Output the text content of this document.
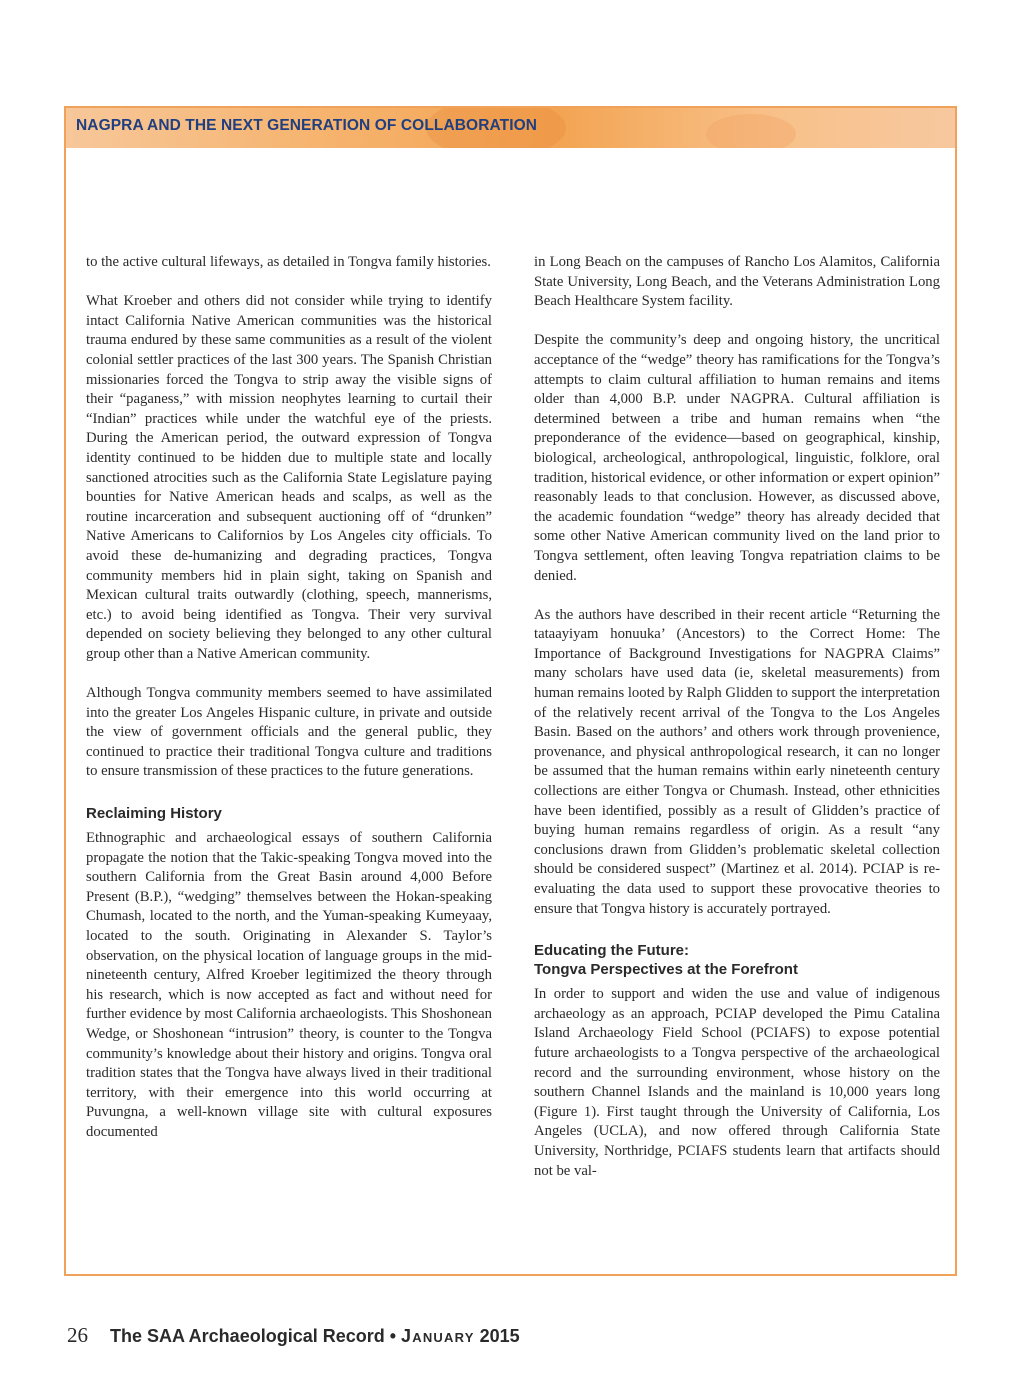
NAGPRA AND THE NEXT GENERATION OF COLLABORATION

to the active cultural lifeways, as detailed in Tongva family histories.

What Kroeber and others did not consider while trying to identify intact California Native American communities was the historical trauma endured by these same communities as a result of the violent colonial settler practices of the last 300 years. The Spanish Christian missionaries forced the Tongva to strip away the visible signs of their “paganess,” with mission neophytes learning to curtail their “Indian” practices while under the watchful eye of the priests. During the American period, the outward expression of Tongva identity continued to be hidden due to multiple state and locally sanctioned atrocities such as the California State Legislature paying bounties for Native American heads and scalps, as well as the routine incarceration and subsequent auctioning off of “drunken” Native Americans to Californios by Los Angeles city officials. To avoid these de-humanizing and degrading practices, Tongva community members hid in plain sight, taking on Spanish and Mexican cultural traits outwardly (clothing, speech, mannerisms, etc.) to avoid being identified as Tongva. Their very survival depended on society believing they belonged to any other cultural group other than a Native American community.

Although Tongva community members seemed to have assimilated into the greater Los Angeles Hispanic culture, in private and outside the view of government officials and the general public, they continued to practice their traditional Tongva culture and traditions to ensure transmission of these practices to the future generations.

Reclaiming History

Ethnographic and archaeological essays of southern California propagate the notion that the Takic-speaking Tongva moved into the southern California from the Great Basin around 4,000 Before Present (B.P.), “wedging” themselves between the Hokan-speaking Chumash, located to the north, and the Yuman-speaking Kumeyaay, located to the south. Originating in Alexander S. Taylor’s observation, on the physical location of language groups in the mid-nineteenth century, Alfred Kroeber legitimized the theory through his research, which is now accepted as fact and without need for further evidence by most California archaeologists. This Shoshonean Wedge, or Shoshonean “intrusion” theory, is counter to the Tongva community’s knowledge about their history and origins. Tongva oral tradition states that the Tongva have always lived in their traditional territory, with their emergence into this world occurring at Puvungna, a well-known village site with cultural exposures documented

in Long Beach on the campuses of Rancho Los Alamitos, California State University, Long Beach, and the Veterans Administration Long Beach Healthcare System facility.

Despite the community’s deep and ongoing history, the uncritical acceptance of the “wedge” theory has ramifications for the Tongva’s attempts to claim cultural affiliation to human remains and items older than 4,000 B.P. under NAGPRA. Cultural affiliation is determined between a tribe and human remains when “the preponderance of the evidence—based on geographical, kinship, biological, archeological, anthropological, linguistic, folklore, oral tradition, historical evidence, or other information or expert opinion” reasonably leads to that conclusion. However, as discussed above, the academic foundation “wedge” theory has already decided that some other Native American community lived on the land prior to Tongva settlement, often leaving Tongva repatriation claims to be denied.

As the authors have described in their recent article “Returning the tataayiyam honuuka’ (Ancestors) to the Correct Home: The Importance of Background Investigations for NAGPRA Claims” many scholars have used data (ie, skeletal measurements) from human remains looted by Ralph Glidden to support the interpretation of the relatively recent arrival of the Tongva to the Los Angeles Basin. Based on the authors’ and others work through provenience, provenance, and physical anthropological research, it can no longer be assumed that the human remains within early nineteenth century collections are either Tongva or Chumash. Instead, other ethnicities have been identified, possibly as a result of Glidden’s practice of buying human remains regardless of origin. As a result “any conclusions drawn from Glidden’s problematic skeletal collection should be considered suspect” (Martinez et al. 2014). PCIAP is re-evaluating the data used to support these provocative theories to ensure that Tongva history is accurately portrayed.

Educating the Future:
Tongva Perspectives at the Forefront

In order to support and widen the use and value of indigenous archaeology as an approach, PCIAP developed the Pimu Catalina Island Archaeology Field School (PCIAFS) to expose potential future archaeologists to a Tongva perspective of the archaeological record and the surrounding environment, whose history on the southern Channel Islands and the mainland is 10,000 years long (Figure 1). First taught through the University of California, Los Angeles (UCLA), and now offered through California State University, Northridge, PCIAFS students learn that artifacts should not be val-

26 The SAA Archaeological Record • January 2015
